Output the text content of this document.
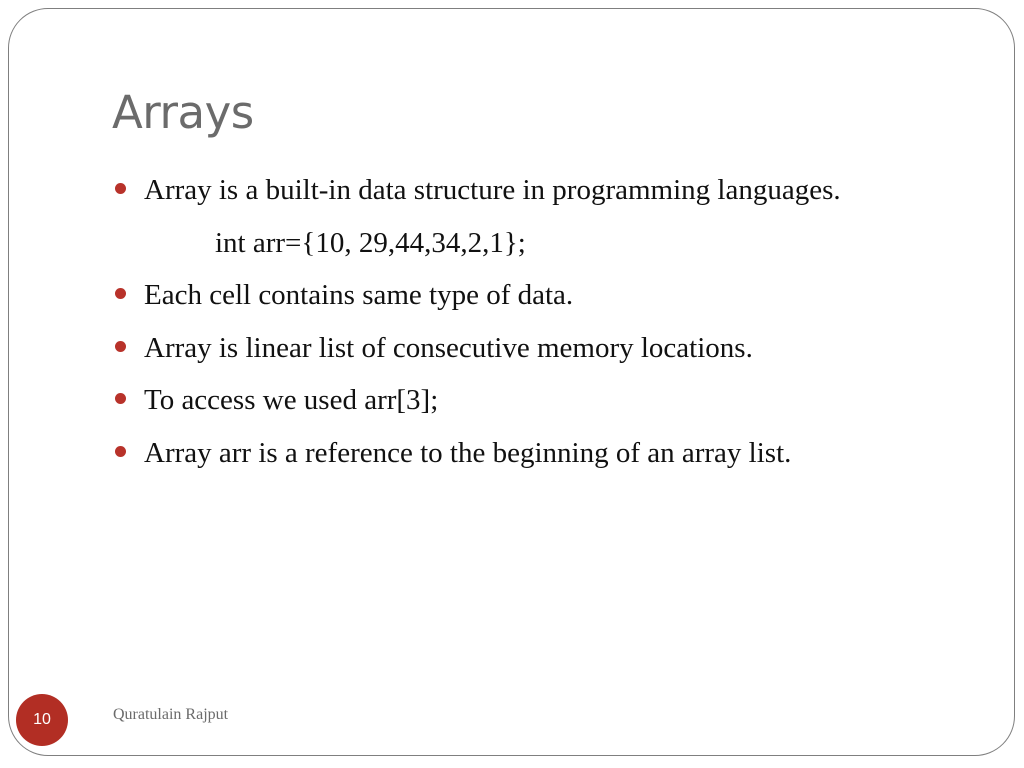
Arrays
Array is a built-in data structure in programming languages.
int arr={10, 29,44,34,2,1};
Each cell contains same type of data.
Array is linear list of consecutive memory locations.
To access we used arr[3];
Array arr is a reference to the beginning of an array list.
10	Quratulain Rajput
